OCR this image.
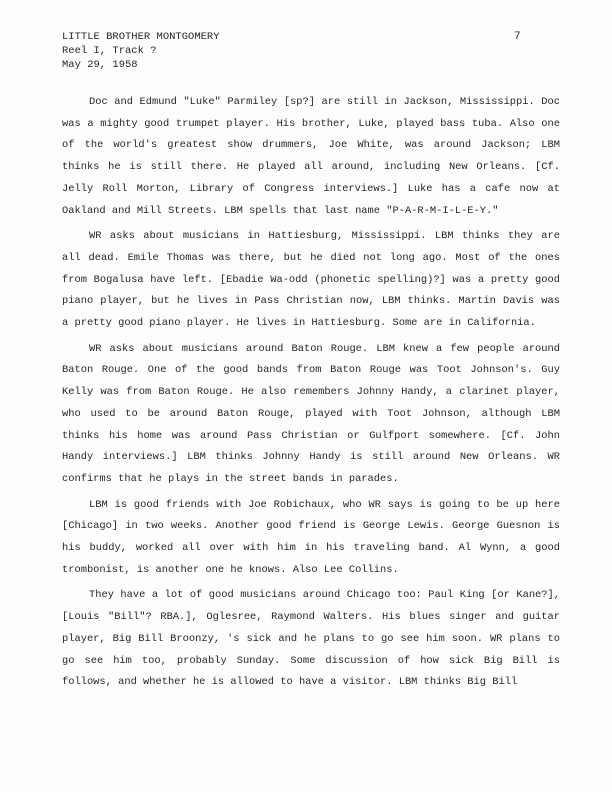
LITTLE BROTHER MONTGOMERY
Reel I, Track ?
May 29, 1958
7

Doc and Edmund "Luke" Parmiley [sp?] are still in Jackson, Mississippi. Doc was a mighty good trumpet player. His brother, Luke, played bass tuba. Also one of the world's greatest show drummers, Joe White, was around Jackson; LBM thinks he is still there. He played all around, including New Orleans. [Cf. Jelly Roll Morton, Library of Congress interviews.] Luke has a cafe now at Oakland and Mill Streets. LBM spells that last name "P-A-R-M-I-L-E-Y."

WR asks about musicians in Hattiesburg, Mississippi. LBM thinks they are all dead. Emile Thomas was there, but he died not long ago. Most of the ones from Bogalusa have left. [Ebadie Wa-odd (phonetic spelling)?] was a pretty good piano player, but he lives in Pass Christian now, LBM thinks. Martin Davis was a pretty good piano player. He lives in Hattiesburg. Some are in California.

WR asks about musicians around Baton Rouge. LBM knew a few people around Baton Rouge. One of the good bands from Baton Rouge was Toot Johnson's. Guy Kelly was from Baton Rouge. He also remembers Johnny Handy, a clarinet player, who used to be around Baton Rouge, played with Toot Johnson, although LBM thinks his home was around Pass Christian or Gulfport somewhere. [Cf. John Handy interviews.] LBM thinks Johnny Handy is still around New Orleans. WR confirms that he plays in the street bands in parades.

LBM is good friends with Joe Robichaux, who WR says is going to be up here [Chicago] in two weeks. Another good friend is George Lewis. George Guesnon is his buddy, worked all over with him in his traveling band. Al Wynn, a good trombonist, is another one he knows. Also Lee Collins.

They have a lot of good musicians around Chicago too: Paul King [or Kane?], [Louis "Bill"? RBA.], Oglesree, Raymond Walters. His blues singer and guitar player, Big Bill Broonzy, 's sick and he plans to go see him soon. WR plans to go see him too, probably Sunday. Some discussion of how sick Big Bill is follows, and whether he is allowed to have a visitor. LBM thinks Big Bill
